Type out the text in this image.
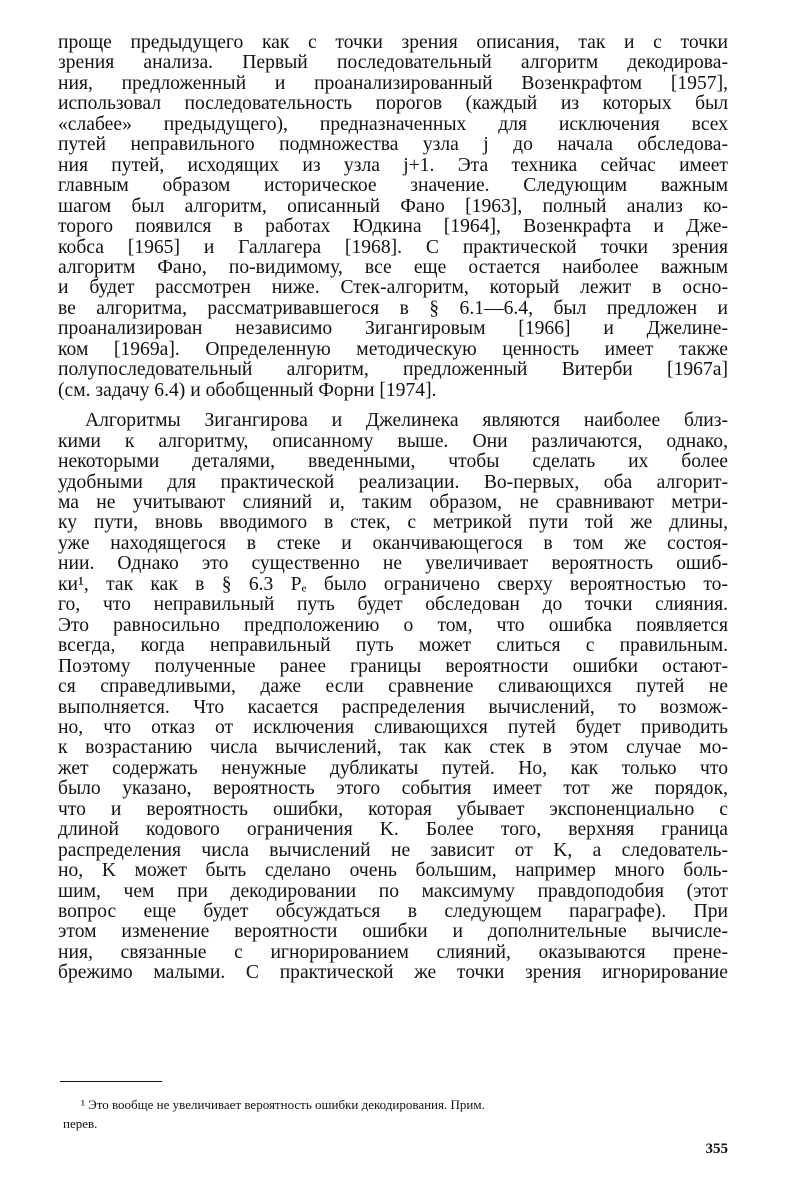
проще предыдущего как с точки зрения описания, так и с точки
зрения анализа. Первый последовательный алгоритм декодирова-
ния, предложенный и проанализированный Возенкрафтом [1957],
использовал последовательность порогов (каждый из которых был
«слабее» предыдущего), предназначенных для исключения всех
путей неправильного подмножества узла j до начала обследова-
ния путей, исходящих из узла j+1. Эта техника сейчас имеет
главным образом историческое значение. Следующим важным
шагом был алгоритм, описанный Фано [1963], полный анализ ко-
торого появился в работах Юдкина [1964], Возенкрафта и Дже-
кобса [1965] и Галлагера [1968]. С практической точки зрения
алгоритм Фано, по-видимому, все еще остается наиболее важным
и будет рассмотрен ниже. Стек-алгоритм, который лежит в осно-
ве алгоритма, рассматривавшегося в § 6.1—6.4, был предложен и
проанализирован независимо Зигангировым [1966] и Джелине-
ком [1969а]. Определенную методическую ценность имеет также
полупоследовательный алгоритм, предложенный Витерби [1967а]
(см. задачу 6.4) и обобщенный Форни [1974].
Алгоритмы Зигангирова и Джелинека являются наиболее близ-
кими к алгоритму, описанному выше. Они различаются, однако,
некоторыми деталями, введенными, чтобы сделать их более
удобными для практической реализации. Во-первых, оба алгорит-
ма не учитывают слияний и, таким образом, не сравнивают метри-
ку пути, вновь вводимого в стек, с метрикой пути той же длины,
уже находящегося в стеке и оканчивающегося в том же состоя-
нии. Однако это существенно не увеличивает вероятность ошиб-
ки¹, так как в § 6.3 Pₑ было ограничено сверху вероятностью то-
го, что неправильный путь будет обследован до точки слияния.
Это равносильно предположению о том, что ошибка появляется
всегда, когда неправильный путь может слиться с правильным.
Поэтому полученные ранее границы вероятности ошибки остают-
ся справедливыми, даже если сравнение сливающихся путей не
выполняется. Что касается распределения вычислений, то возмож-
но, что отказ от исключения сливающихся путей будет приводить
к возрастанию числа вычислений, так как стек в этом случае мо-
жет содержать ненужные дубликаты путей. Но, как только что
было указано, вероятность этого события имеет тот же порядок,
что и вероятность ошибки, которая убывает экспоненциально с
длиной кодового ограничения K. Более того, верхняя граница
распределения числа вычислений не зависит от K, а следователь-
но, K может быть сделано очень большим, например много боль-
шим, чем при декодировании по максимуму правдоподобия (этот
вопрос еще будет обсуждаться в следующем параграфе). При
этом изменение вероятности ошибки и дополнительные вычисле-
ния, связанные с игнорированием слияний, оказываются прене-
брежимо малыми. С практической же точки зрения игнорирование
¹ Это вообще не увеличивает вероятность ошибки декодирования. Прим.
перев.
355
